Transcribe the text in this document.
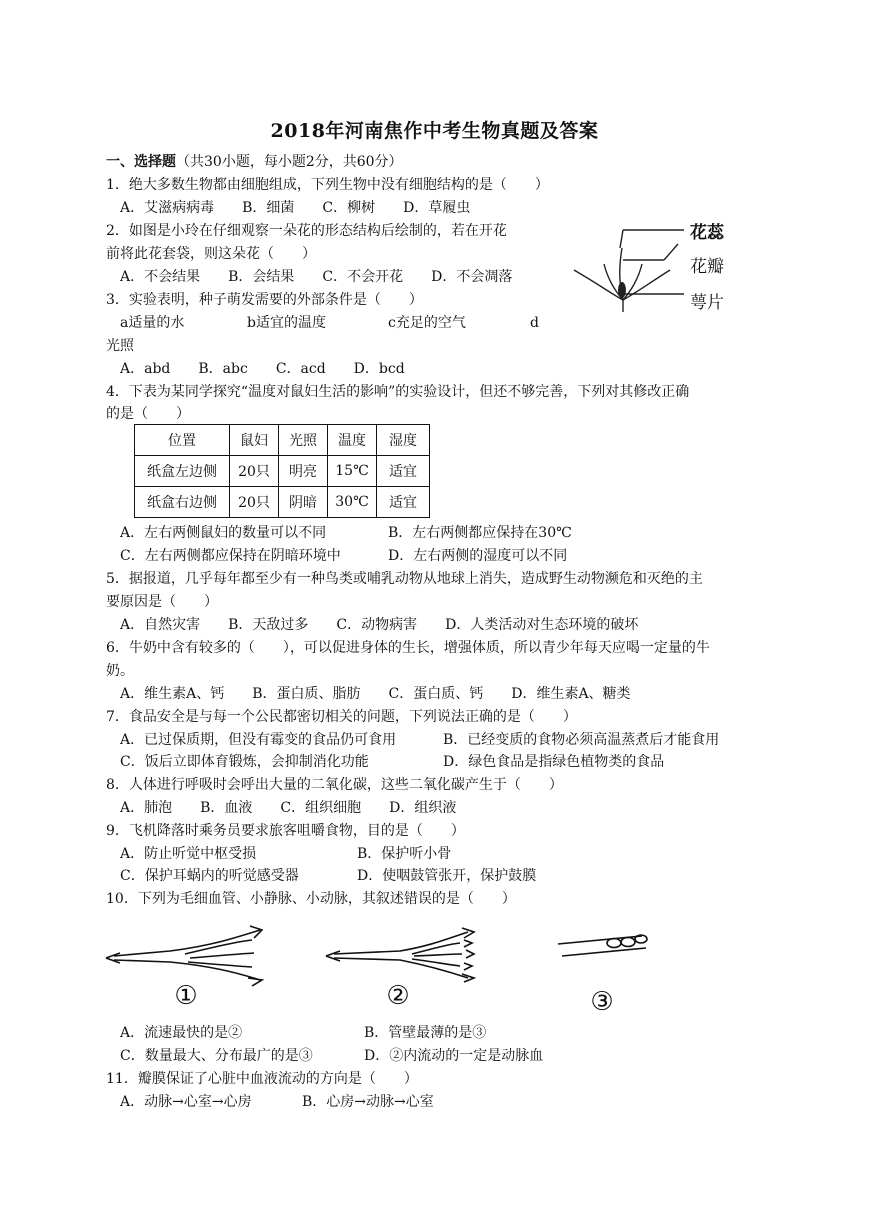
2018年河南焦作中考生物真题及答案
一、选择题（共30小题，每小题2分，共60分）
1．绝大多数生物都由细胞组成，下列生物中没有细胞结构的是（　　）
A．艾滋病病毒　　B．细菌　　C．柳树　　D．草履虫
2．如图是小玲在仔细观察一朵花的形态结构后绘制的，若在开花
前将此花套袋，则这朵花（　　）
A．不会结果　　B．会结果　　C．不会开花　　D．不会凋落
花蕊
花瓣
萼片
3．实验表明，种子萌发需要的外部条件是（　　）
a适量的水	b适宜的温度	c充足的空气	d
光照
A．abd　　B．abc　　C．acd　　D．bcd
4．下表为某同学探究“温度对鼠妇生活的影响”的实验设计，但还不够完善，下列对其修改正确
的是（　　）
位置	鼠妇	光照	温度	湿度
纸盒左边侧	20只	明亮	15℃	适宜
纸盒右边侧	20只	阴暗	30℃	适宜
A．左右两侧鼠妇的数量可以不同	B．左右两侧都应保持在30℃
C．左右两侧都应保持在阴暗环境中	D．左右两侧的湿度可以不同
5．据报道，几乎每年都至少有一种鸟类或哺乳动物从地球上消失，造成野生动物濒危和灭绝的主
要原因是（　　）
A．自然灾害　　B．天敌过多　　C．动物病害　　D．人类活动对生态环境的破坏
6．牛奶中含有较多的（　　），可以促进身体的生长，增强体质，所以青少年每天应喝一定量的牛
奶。
A．维生素A、钙　　B．蛋白质、脂肪　　C．蛋白质、钙　　D．维生素A、糖类
7．食品安全是与每一个公民都密切相关的问题，下列说法正确的是（　　）
A．已过保质期，但没有霉变的食品仍可食用	B．已经变质的食物必须高温蒸煮后才能食用
C．饭后立即体育锻炼，会抑制消化功能	D．绿色食品是指绿色植物类的食品
8．人体进行呼吸时会呼出大量的二氧化碳，这些二氧化碳产生于（　　）
A．肺泡　　B．血液　　C．组织细胞　　D．组织液
9．飞机降落时乘务员要求旅客咀嚼食物，目的是（　　）
A．防止听觉中枢受损	B．保护听小骨
C．保护耳蜗内的听觉感受器	D．使咽鼓管张开，保护鼓膜
10．下列为毛细血管、小静脉、小动脉，其叙述错误的是（　　）
①	②	③
A．流速最快的是②	B．管壁最薄的是③
C．数量最大、分布最广的是③	D．②内流动的一定是动脉血
11．瓣膜保证了心脏中血液流动的方向是（　　）
A．动脉→心室→心房	B．心房→动脉→心室
